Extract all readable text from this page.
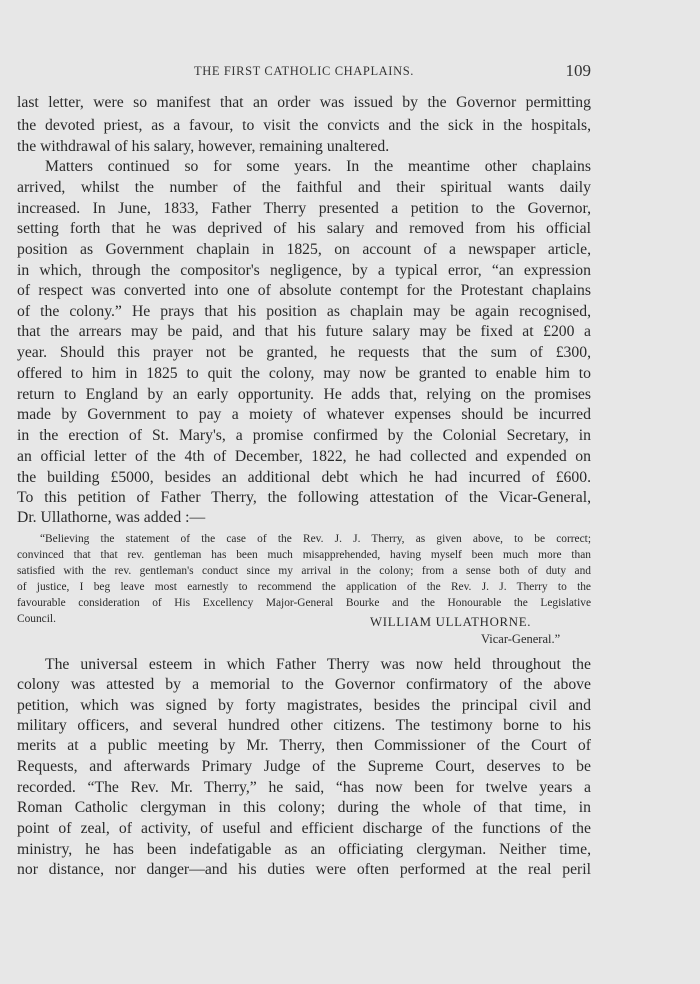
THE FIRST CATHOLIC CHAPLAINS.	109
last letter, were so manifest that an order was issued by the Governor permitting
the devoted priest, as a favour, to visit the convicts and the sick in the hospitals,
the withdrawal of his salary, however, remaining unaltered.
Matters continued so for some years. In the meantime other chaplains
arrived, whilst the number of the faithful and their spiritual wants daily
increased. In June, 1833, Father Therry presented a petition to the Governor,
setting forth that he was deprived of his salary and removed from his official
position as Government chaplain in 1825, on account of a newspaper article,
in which, through the compositor's negligence, by a typical error, “an expression
of respect was converted into one of absolute contempt for the Protestant chaplains
of the colony.” He prays that his position as chaplain may be again recognised,
that the arrears may be paid, and that his future salary may be fixed at £200 a
year. Should this prayer not be granted, he requests that the sum of £300,
offered to him in 1825 to quit the colony, may now be granted to enable him to
return to England by an early opportunity. He adds that, relying on the promises
made by Government to pay a moiety of whatever expenses should be incurred
in the erection of St. Mary's, a promise confirmed by the Colonial Secretary, in
an official letter of the 4th of December, 1822, he had collected and expended on
the building £5000, besides an additional debt which he had incurred of £600.
To this petition of Father Therry, the following attestation of the Vicar-General,
Dr. Ullathorne, was added :—
“Believing the statement of the case of the Rev. J. J. Therry, as given above, to be correct;
convinced that that rev. gentleman has been much misapprehended, having myself been much more than
satisfied with the rev. gentleman's conduct since my arrival in the colony; from a sense both of duty and
of justice, I beg leave most earnestly to recommend the application of the Rev. J. J. Therry to the
favourable consideration of His Excellency Major-General Bourke and the Honourable the Legislative
Council.	WILLIAM ULLATHORNE.
Vicar-General.”
The universal esteem in which Father Therry was now held throughout the
colony was attested by a memorial to the Governor confirmatory of the above
petition, which was signed by forty magistrates, besides the principal civil and
military officers, and several hundred other citizens. The testimony borne to his
merits at a public meeting by Mr. Therry, then Commissioner of the Court of
Requests, and afterwards Primary Judge of the Supreme Court, deserves to be
recorded. “The Rev. Mr. Therry,” he said, “has now been for twelve years a
Roman Catholic clergyman in this colony; during the whole of that time, in
point of zeal, of activity, of useful and efficient discharge of the functions of the
ministry, he has been indefatigable as an officiating clergyman. Neither time,
nor distance, nor danger—and his duties were often performed at the real peril
